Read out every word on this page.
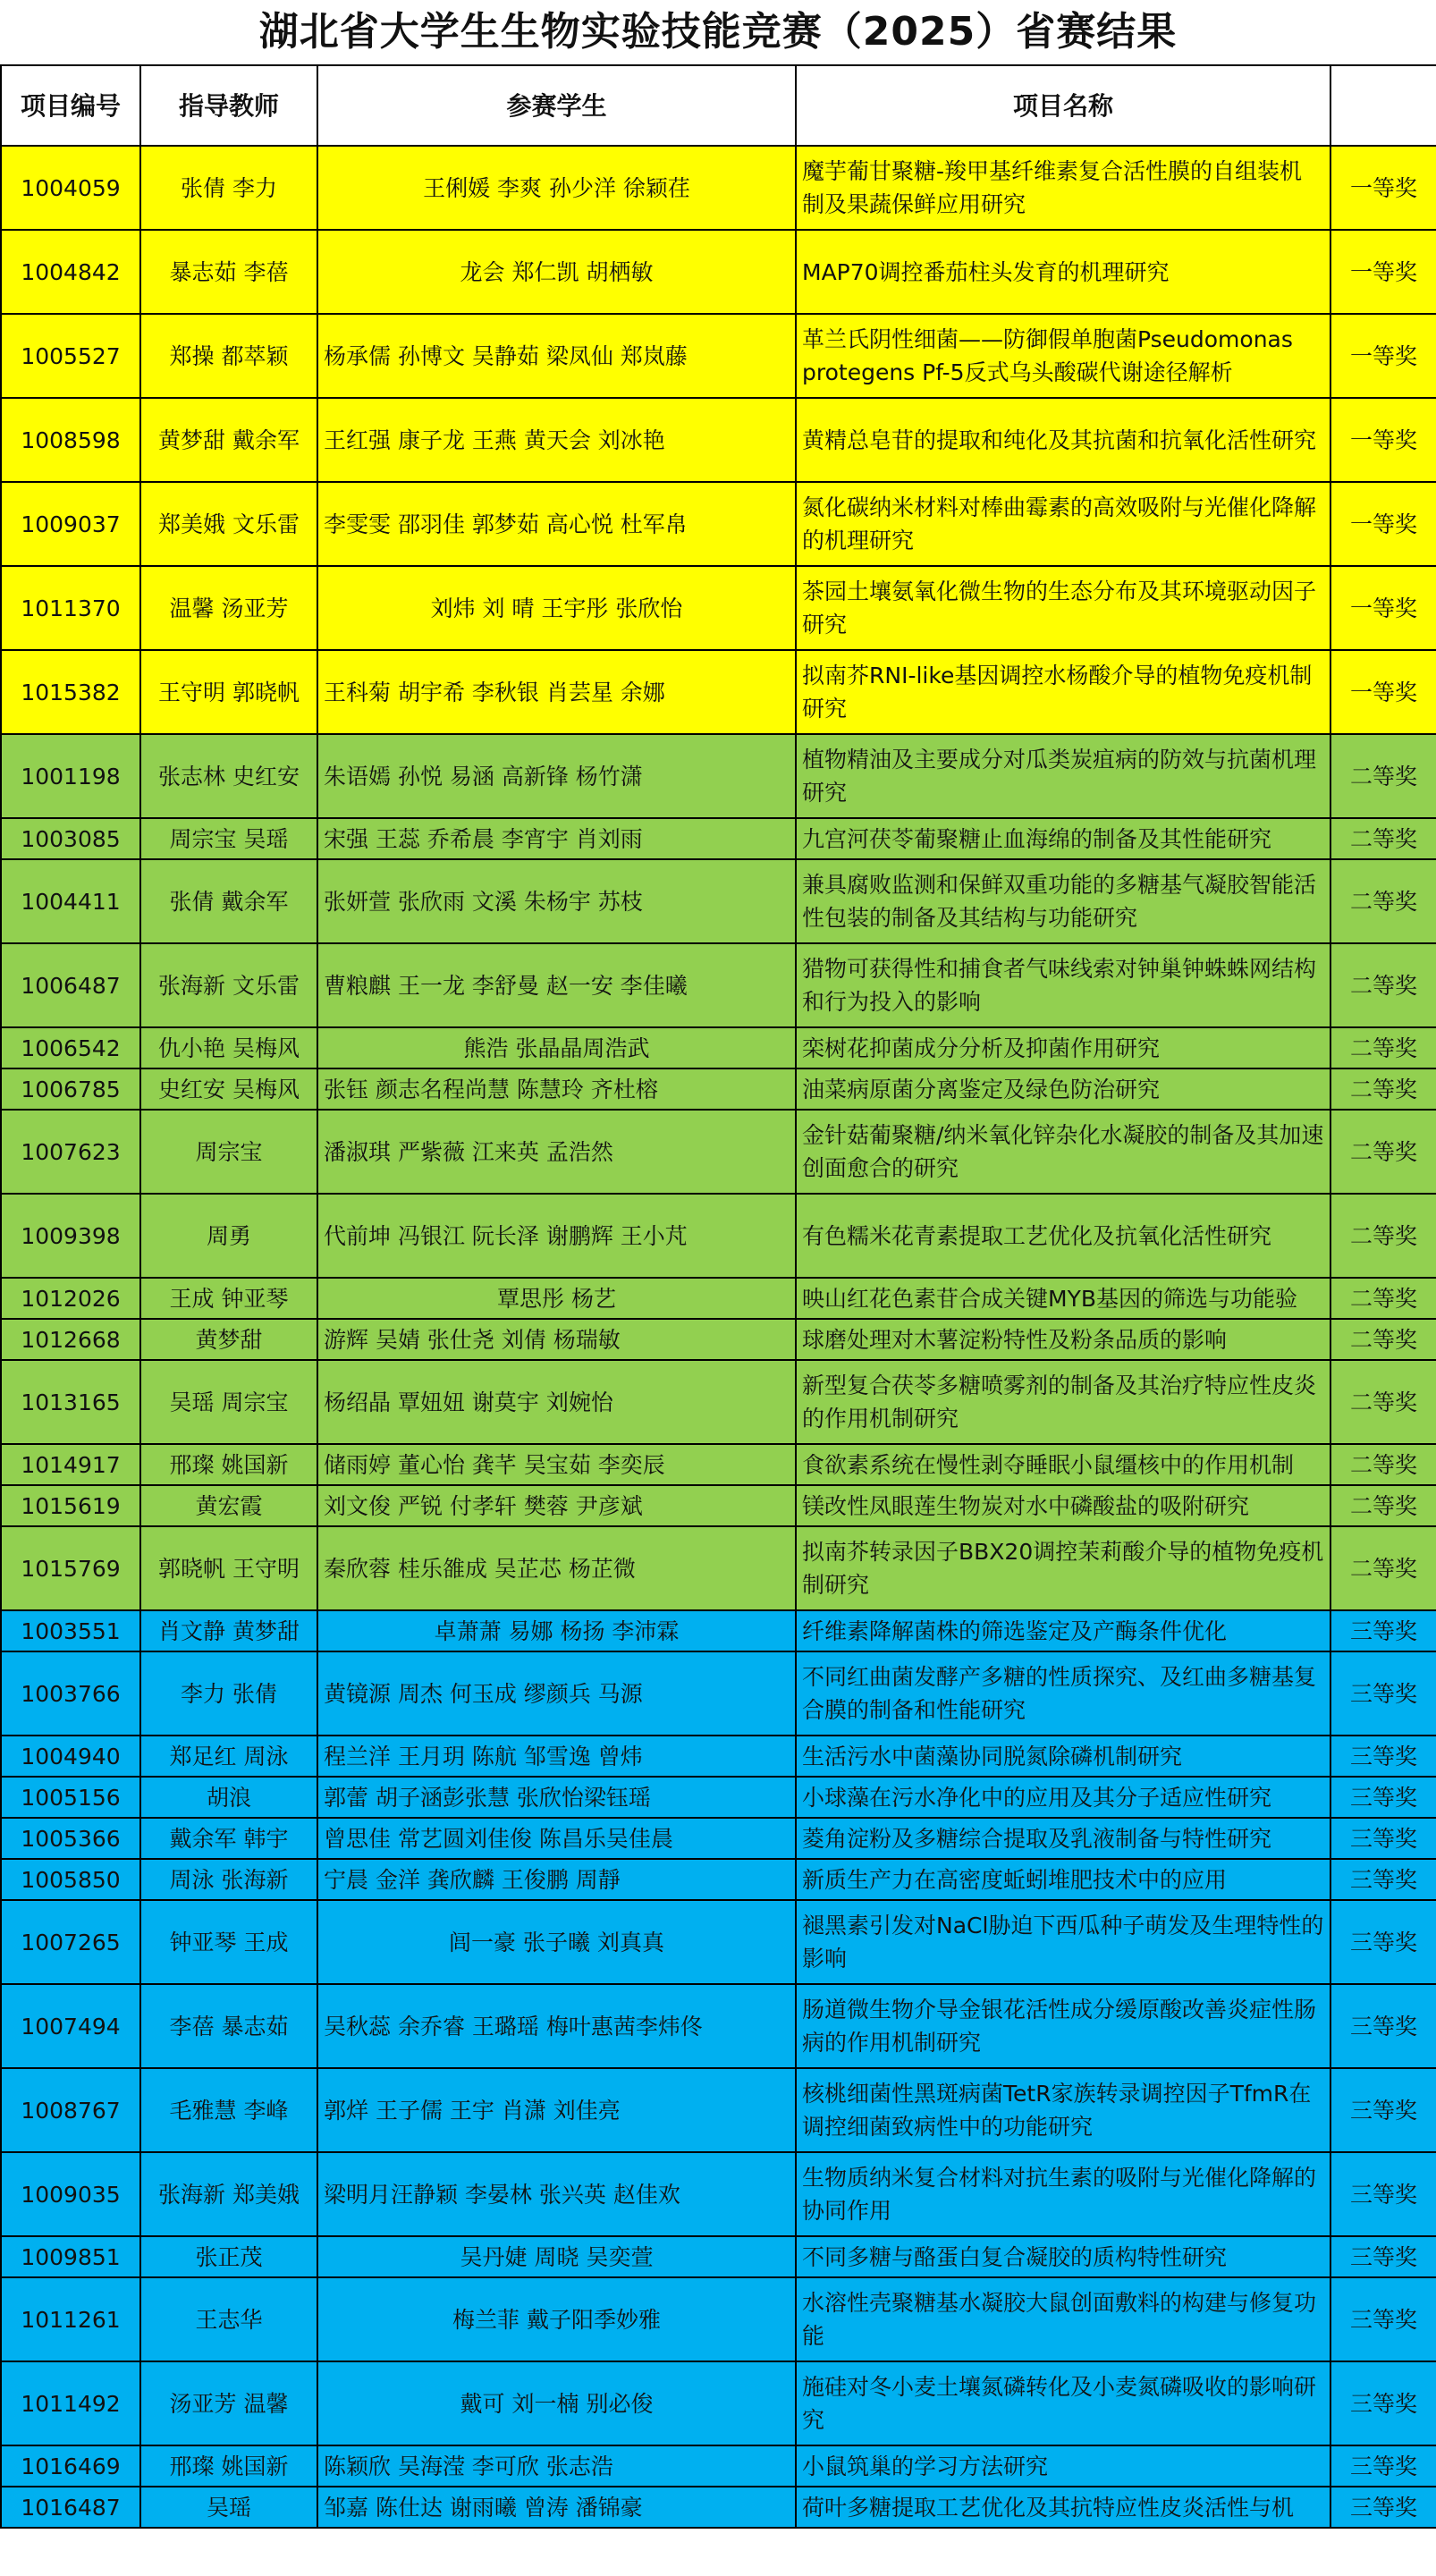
湖北省大学生生物实验技能竞赛（2025）省赛结果
项目编号	指导教师	参赛学生	项目名称	
1004059	张倩 李力	王俐媛 李爽 孙少洋 徐颖荏	魔芋葡甘聚糖-羧甲基纤维素复合活性膜的自组装机制及果蔬保鲜应用研究	一等奖
1004842	暴志茹 李蓓	龙会 郑仁凯 胡栖敏	MAP70调控番茄柱头发育的机理研究	一等奖
1005527	郑操 都萃颖	杨承儒 孙博文 吴静茹 梁凤仙 郑岚藤	革兰氏阴性细菌——防御假单胞菌Pseudomonas protegens Pf-5反式乌头酸碳代谢途径解析	一等奖
1008598	黄梦甜 戴余军	王红强 康子龙 王燕 黄天会 刘冰艳	黄精总皂苷的提取和纯化及其抗菌和抗氧化活性研究	一等奖
1009037	郑美娥 文乐雷	李雯雯 邵羽佳 郭梦茹 高心悦 杜军帛	氮化碳纳米材料对棒曲霉素的高效吸附与光催化降解的机理研究	一等奖
1011370	温馨 汤亚芳	刘炜 刘 晴 王宇彤 张欣怡	茶园土壤氨氧化微生物的生态分布及其环境驱动因子研究	一等奖
1015382	王守明 郭晓帆	王科菊 胡宇希 李秋银 肖芸星 余娜	拟南芥RNI-like基因调控水杨酸介导的植物免疫机制研究	一等奖
1001198	张志林 史红安	朱语嫣 孙悦 易涵 高新锋 杨竹潇	植物精油及主要成分对瓜类炭疽病的防效与抗菌机理研究	二等奖
1003085	周宗宝 吴瑶	宋强 王蕊 乔希晨 李宵宇 肖刘雨	九宫河茯苓葡聚糖止血海绵的制备及其性能研究	二等奖
1004411	张倩 戴余军	张妍萱 张欣雨 文溪 朱杨宇 苏枝	兼具腐败监测和保鲜双重功能的多糖基气凝胶智能活性包装的制备及其结构与功能研究	二等奖
1006487	张海新 文乐雷	曹粮麒 王一龙 李舒曼 赵一安 李佳曦	猎物可获得性和捕食者气味线索对钟巢钟蛛蛛网结构和行为投入的影响	二等奖
1006542	仇小艳 吴梅风	熊浩 张晶晶周浩武	栾树花抑菌成分分析及抑菌作用研究	二等奖
1006785	史红安 吴梅风	张钰 颜志名程尚慧 陈慧玲 齐杜榕	油菜病原菌分离鉴定及绿色防治研究	二等奖
1007623	周宗宝	潘淑琪 严紫薇 江来英 孟浩然	金针菇葡聚糖/纳米氧化锌杂化水凝胶的制备及其加速创面愈合的研究	二等奖
1009398	周勇	代前坤 冯银江 阮长泽 谢鹏辉 王小芃	有色糯米花青素提取工艺优化及抗氧化活性研究	二等奖
1012026	王成 钟亚琴	覃思彤 杨艺	映山红花色素苷合成关键MYB基因的筛选与功能验	二等奖
1012668	黄梦甜	游辉 吴婧 张仕尧 刘倩 杨瑞敏	球磨处理对木薯淀粉特性及粉条品质的影响	二等奖
1013165	吴瑶 周宗宝	杨绍晶 覃妞妞 谢莫宇 刘婉怡	新型复合茯苓多糖喷雾剂的制备及其治疗特应性皮炎的作用机制研究	二等奖
1014917	邢璨 姚国新	储雨婷 董心怡 龚芊 吴宝茹 李奕辰	食欲素系统在慢性剥夺睡眠小鼠缰核中的作用机制	二等奖
1015619	黄宏霞	刘文俊 严锐 付孝轩 樊蓉 尹彦斌	镁改性凤眼莲生物炭对水中磷酸盐的吸附研究	二等奖
1015769	郭晓帆 王守明	秦欣蓉 桂乐雒成 吴芷芯 杨芷微	拟南芥转录因子BBX20调控茉莉酸介导的植物免疫机制研究	二等奖
1003551	肖文静 黄梦甜	卓萧萧 易娜 杨扬 李沛霖	纤维素降解菌株的筛选鉴定及产酶条件优化	三等奖
1003766	李力 张倩	黄镜源 周杰 何玉成 缪颜兵 马源	不同红曲菌发酵产多糖的性质探究、及红曲多糖基复合膜的制备和性能研究	三等奖
1004940	郑足红 周泳	程兰洋 王月玥 陈航 邹雪逸 曾炜	生活污水中菌藻协同脱氮除磷机制研究	三等奖
1005156	胡浪	郭蕾 胡子涵彭张慧 张欣怡梁钰瑶	小球藻在污水净化中的应用及其分子适应性研究	三等奖
1005366	戴余军 韩宇	曾思佳 常艺圆刘佳俊 陈昌乐吴佳晨	菱角淀粉及多糖综合提取及乳液制备与特性研究	三等奖
1005850	周泳 张海新	宁晨 金洋 龚欣麟 王俊鹏 周靜	新质生产力在高密度蚯蚓堆肥技术中的应用	三等奖
1007265	钟亚琴 王成	闾一豪 张子曦 刘真真	褪黑素引发对NaCl胁迫下西瓜种子萌发及生理特性的影响	三等奖
1007494	李蓓 暴志茹	吴秋蕊 余乔睿 王璐瑶 梅叶惠茜李炜佟	肠道微生物介导金银花活性成分缓原酸改善炎症性肠病的作用机制研究	三等奖
1008767	毛雅慧 李峰	郭烊 王子儒 王宇 肖潇 刘佳亮	核桃细菌性黑斑病菌TetR家族转录调控因子TfmR在调控细菌致病性中的功能研究	三等奖
1009035	张海新 郑美娥	梁明月汪静颖 李晏林 张兴英 赵佳欢	生物质纳米复合材料对抗生素的吸附与光催化降解的协同作用	三等奖
1009851	张正茂	吴丹婕 周晓 吴奕萱	不同多糖与酪蛋白复合凝胶的质构特性研究	三等奖
1011261	王志华	梅兰菲 戴子阳季妙雅	水溶性壳聚糖基水凝胶大鼠创面敷料的构建与修复功能	三等奖
1011492	汤亚芳 温馨	戴可 刘一楠 别必俊	施硅对冬小麦土壤氮磷转化及小麦氮磷吸收的影响研究	三等奖
1016469	邢璨 姚国新	陈颖欣 吴海滢 李可欣 张志浩	小鼠筑巢的学习方法研究	三等奖
1016487	吴瑶	邹嘉 陈仕达 谢雨曦 曾涛 潘锦豪	荷叶多糖提取工艺优化及其抗特应性皮炎活性与机	三等奖
